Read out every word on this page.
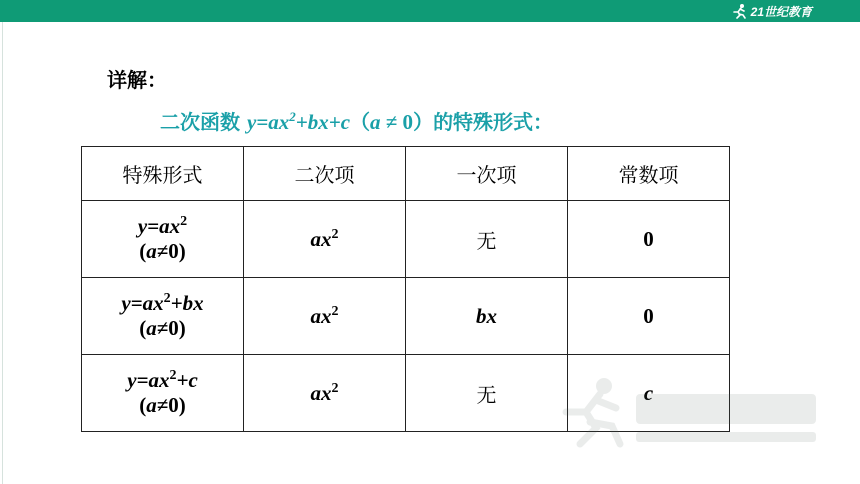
21世纪教育
详解：
二次函数 $y=ax^2+bx+c(a \ne 0)$的特殊形式：
特殊形式	二次项	一次项	常数项

$y=ax^2$
(a≠0)	$ax^2$	无	0

$y=ax^2+bx$
(a≠0)	$ax^2$	bx	0

$y=ax^2+c$
(a≠0)	$ax^2$	无	c
